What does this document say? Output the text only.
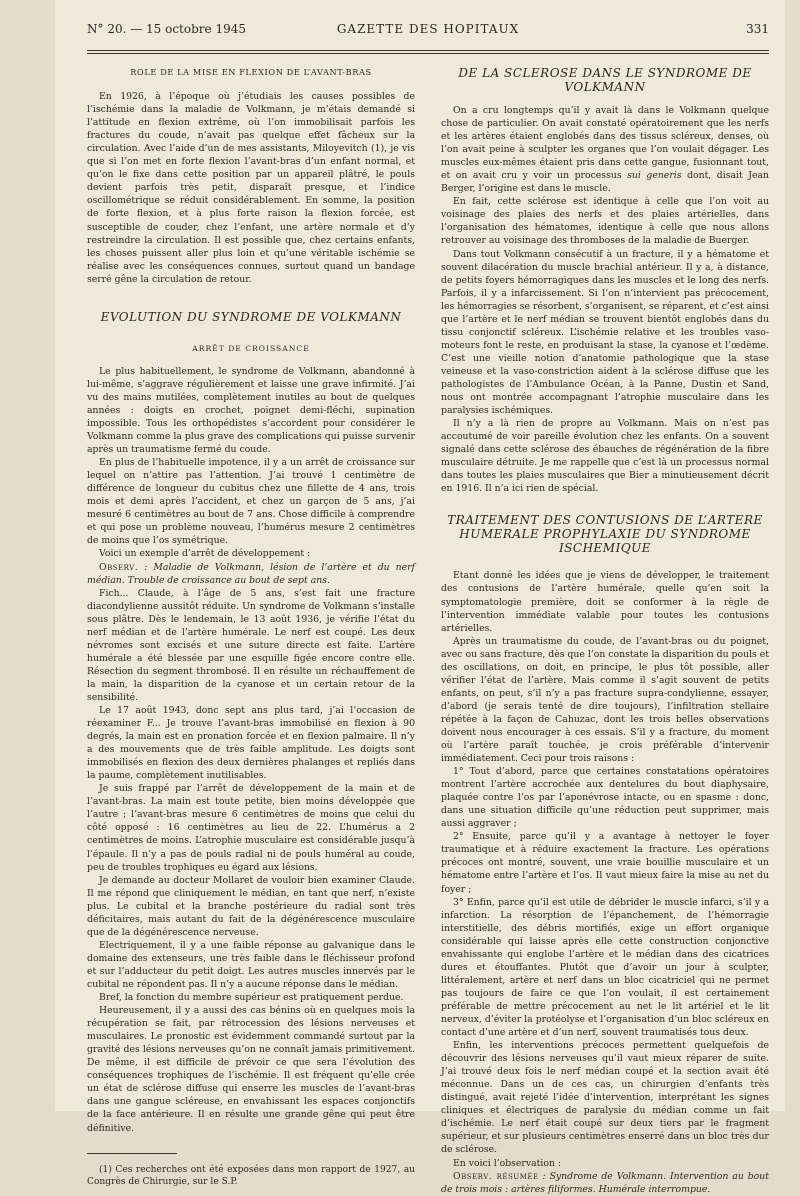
N° 20. — 15 octobre 1945	GAZETTE DES HOPITAUX	331
ROLE DE LA MISE EN FLEXION DE L’AVANT-BRAS

En 1926, à l’époque où j’étudiais les causes possibles de l’ischémie dans la maladie de Volkmann, je m’étais demandé si l’attitude en flexion extrême, où l’on immobilisait parfois les fractures du coude, n’avait pas quelque effet fâcheux sur la circulation. Avec l’aide d’un de mes assistants, Miloyevitch (1), je vis que si l’on met en forte flexion l’avant-bras d’un enfant normal, et qu’on le fixe dans cette position par un appareil plâtré, le pouls devient parfois très petit, disparaît presque, et l’indice oscillométrique se réduit considérablement. En somme, la position de forte flexion, et à plus forte raison la flexion forcée, est susceptible de couder, chez l’enfant, une artère normale et d’y restreindre la circulation. Il est possible que, chez certains enfants, les choses puissent aller plus loin et qu’une véritable ischémie se réalise avec les conséquences connues, surtout quand un bandage serré gêne la circulation de retour.

EVOLUTION DU SYNDROME DE VOLKMANN
ARRÊT DE CROISSANCE

Le plus habituellement, le syndrome de Volkmann, abandonné à lui-même, s’aggrave régulièrement et laisse une grave infirmité. J’ai vu des mains mutilées, complètement inutiles au bout de quelques années : doigts en crochet, poignet demi-fléchi, supination impossible. Tous les orthopédistes s’accordent pour considérer le Volkmann comme la plus grave des complications qui puisse survenir après un traumatisme fermé du coude.

En plus de l’habituelle impotence, il y a un arrêt de croissance sur lequel on n’attire pas l’attention. J’ai trouvé 1 centimètre de différence de longueur du cubitus chez une fillette de 4 ans, trois mois et demi après l’accident, et chez un garçon de 5 ans, j’ai mesuré 6 centimètres au bout de 7 ans. Chose difficile à comprendre et qui pose un problème nouveau, l’humérus mesure 2 centimètres de moins que l’os symétrique.

Voici un exemple d’arrêt de développement :

Observ. : Maladie de Volkmann, lésion de l’artère et du nerf médian. Trouble de croissance au bout de sept ans.

Fich... Claude, à l’âge de 5 ans, s’est fait une fracture diacondylienne aussitôt réduite. Un syndrome de Volkmann s’installe sous plâtre. Dès le lendemain, le 13 août 1936, je vérifie l’état du nerf médian et de l’artère humérale. Le nerf est coupé. Les deux névromes sont excisés et une suture directe est faite. L’artère humérale a été blessée par une esquille figée encore contre elle. Résection du segment thrombosé. Il en résulte un réchauffement de la main, la disparition de la cyanose et un certain retour de la sensibilité.

Le 17 août 1943, donc sept ans plus tard, j’ai l’occasion de réexaminer F... Je trouve l’avant-bras immobilisé en flexion à 90 degrés, la main est en pronation forcée et en flexion palmaire. Il n’y a des mouvements que de très faible amplitude. Les doigts sont immobilisés en flexion des deux dernières phalanges et repliés dans la paume, complètement inutilisables.

Je suis frappé par l’arrêt de développement de la main et de l’avant-bras. La main est toute petite, bien moins développée que l’autre ; l’avant-bras mesure 6 centimètres de moins que celui du côté opposé : 16 centimètres au lieu de 22. L’humérus a 2 centimètres de moins. L’atrophie musculaire est considérable jusqu’à l’épaule. Il n’y a pas de pouls radial ni de pouls huméral au coude, peu de troubles trophiques eu égard aux lésions.

Je demande au docteur Mollaret de vouloir bien examiner Claude. Il me répond que cliniquement le médian, en tant que nerf, n’existe plus. Le cubital et la branche postérieure du radial sont très déficitaires, mais autant du fait de la dégénérescence musculaire que de la dégénérescence nerveuse.

Electriquement, il y a une faible réponse au galvanique dans le domaine des extenseurs, une très faible dans le fléchisseur profond et sur l’adducteur du petit doigt. Les autres muscles innervés par le cubital ne répondent pas. Il n’y a aucune réponse dans le médian.

Bref, la fonction du membre supérieur est pratiquement perdue.

Heureusement, il y a aussi des cas bénins où en quelques mois la récupération se fait, par rétrocession des lésions nerveuses et musculaires. Le pronostic est évidemment commandé surtout par la gravité des lésions nerveuses qu’on ne connaît jamais primitivement. De même, il est difficile de prévoir ce que sera l’évolution des conséquences trophiques de l’ischémie. Il est fréquent qu’elle crée un état de sclérose diffuse qui enserre les muscles de l’avant-bras dans une gangue scléreuse, en envahissant les espaces conjonctifs de la face antérieure. Il en résulte une grande gêne qui peut être définitive.

(1) Ces recherches ont été exposées dans mon rapport de 1927, au Congrès de Chirurgie, sur le S.P.

DE LA SCLEROSE DANS LE SYNDROME DE VOLKMANN

On a cru longtemps qu’il y avait là dans le Volkmann quelque chose de particulier. On avait constaté opératoirement que les nerfs et les artères étaient englobés dans des tissus scléreux, denses, où l’on avait peine à sculpter les organes que l’on voulait dégager. Les muscles eux-mêmes étaient pris dans cette gangue, fusionnant tout, et on avait cru y voir un processus sui generis dont, disait Jean Berger, l’origine est dans le muscle.

En fait, cette sclérose est identique à celle que l’on voit au voisinage des plaies des nerfs et des plaies artérielles, dans l’organisation des hématomes, identique à celle que nous allons retrouver au voisinage des thromboses de la maladie de Buerger.

Dans tout Volkmann consécutif à un fracture, il y a hématome et souvent dilacération du muscle brachial antérieur. Il y a, à distance, de petits foyers hémorragiques dans les muscles et le long des nerfs. Parfois, il y a infarcissement. Si l’on n’intervient pas précocement, les hémorragies se résorbent, s’organisent, se réparent, et c’est ainsi que l’artère et le nerf médian se trouvent bientôt englobés dans du tissu conjonctif scléreux. L’ischémie relative et les troubles vaso-moteurs font le reste, en produisant la stase, la cyanose et l’œdème. C’est une vieille notion d’anatomie pathologique que la stase veineuse et la vaso-constriction aident à la sclérose diffuse que les pathologistes de l’Ambulance Océan, à la Panne, Dustin et Sand, nous ont montrée accompagnant l’atrophie musculaire dans les paralysies ischémiques.

Il n’y a là rien de propre au Volkmann. Mais on n’est pas accoutumé de voir pareille évolution chez les enfants. On a souvent signalé dans cette sclérose des ébauches de régénération de la fibre musculaire détruite. Je me rappelle que c’est là un processus normal dans toutes les plaies musculaires que Bier a minutieusement décrit en 1916. Il n’a ici rien de spécial.

TRAITEMENT DES CONTUSIONS DE L’ARTERE HUMERALE PROPHYLAXIE DU SYNDROME ISCHEMIQUE

Etant donné les idées que je viens de développer, le traitement des contusions de l’artère humérale, quelle qu’en soit la symptomatologie première, doit se conformer à la règle de l’intervention immédiate valable pour toutes les contusions artérielles.

Après un traumatisme du coude, de l’avant-bras ou du poignet, avec ou sans fracture, dès que l’on constate la disparition du pouls et des oscillations, on doit, en principe, le plus tôt possible, aller vérifier l’état de l’artère. Mais comme il s’agit souvent de petits enfants, on peut, s’il n’y a pas fracture supra-condylienne, essayer, d’abord (je serais tenté de dire toujours), l’infiltration stellaire répétée à la façon de Cahuzac, dont les trois belles observations doivent nous encourager à ces essais. S’il y a fracture, du moment où l’artère paraît touchée, je crois préférable d’intervenir immédiatement. Ceci pour trois raisons :

1° Tout d’abord, parce que certaines constatations opératoires montrent l’artère accrochée aux dentelures du bout diaphysaire, plaquée contre l’os par l’aponévrose intacte, ou en spasme : donc, dans une situation difficile qu’une réduction peut supprimer, mais aussi aggraver ;

2° Ensuite, parce qu’il y a avantage à nettoyer le foyer traumatique et à réduire exactement la fracture. Les opérations précoces ont montré, souvent, une vraie bouillie musculaire et un hématome entre l’artère et l’os. Il vaut mieux faire la mise au net du foyer ;

3° Enfin, parce qu’il est utile de débrider le muscle infarci, s’il y a infarction. La résorption de l’épanchement, de l’hémorragie interstitielle, des débris mortifiés, exige un effort organique considérable qui laisse après elle cette construction conjonctive envahissante qui englobe l’artère et le médian dans des cicatrices dures et étouffantes. Plutôt que d’avoir un jour à sculpter, littéralement, artère et nerf dans un bloc cicatriciel qui ne permet pas toujours de faire ce que l’on voulait, il est certainement préférable de mettre précocement au net le lit artériel et le lit nerveux, d’éviter la protéolyse et l’organisation d’un bloc scléreux en contact d’une artère et d’un nerf, souvent traumatisés tous deux.

Enfin, les interventions précoces permettent quelquefois de découvrir des lésions nerveuses qu’il vaut mieux réparer de suite. J’ai trouvé deux fois le nerf médian coupé et la section avait été méconnue. Dans un de ces cas, un chirurgien d’enfants très distingué, avait rejeté l’idée d’intervention, interprétant les signes cliniques et électriques de paralysie du médian comme un fait d’ischémie. Le nerf était coupé sur deux tiers par le fragment supérieur, et sur plusieurs centimètres enserré dans un bloc très dur de sclérose.

En voici l’observation :

Observ. résumée : Syndrome de Volkmann. Intervention au bout de trois mois : artères filiformes. Humérale interrompue.
